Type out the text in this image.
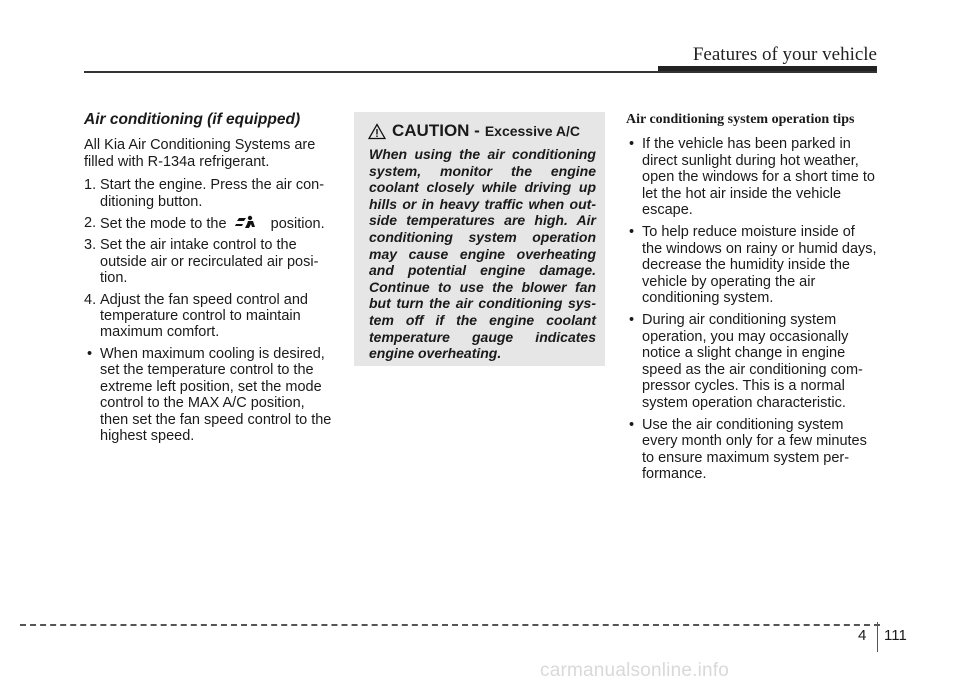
Features of your vehicle
Air conditioning (if equipped)
All Kia Air Conditioning Systems are filled with R-134a refrigerant.
1. Start the engine. Press the air con-ditioning button.
2. Set the mode to the	position.
3. Set the air intake control to the outside air or recirculated air posi-tion.
4. Adjust the fan speed control and temperature control to maintain maximum comfort.
• When maximum cooling is desired, set the temperature control to the extreme left position, set the mode control to the MAX A/C position, then set the fan speed control to the highest speed.
CAUTION - Excessive A/C

When using the air conditioning system, monitor the engine coolant closely while driving up hills or in heavy traffic when out-side temperatures are high. Air conditioning system operation may cause engine overheating and potential engine damage. Continue to use the blower fan but turn the air conditioning sys-tem off if the engine coolant temperature gauge indicates engine overheating.

Air conditioning system operation tips
• If the vehicle has been parked in direct sunlight during hot weather, open the windows for a short time to let the hot air inside the vehicle escape.
• To help reduce moisture inside of the windows on rainy or humid days, decrease the humidity inside the vehicle by operating the air conditioning system.
• During air conditioning system operation, you may occasionally notice a slight change in engine speed as the air conditioning com-pressor cycles. This is a normal system operation characteristic.
• Use the air conditioning system every month only for a few minutes to ensure maximum system per-formance.
4 111
carmanualsonline.info
